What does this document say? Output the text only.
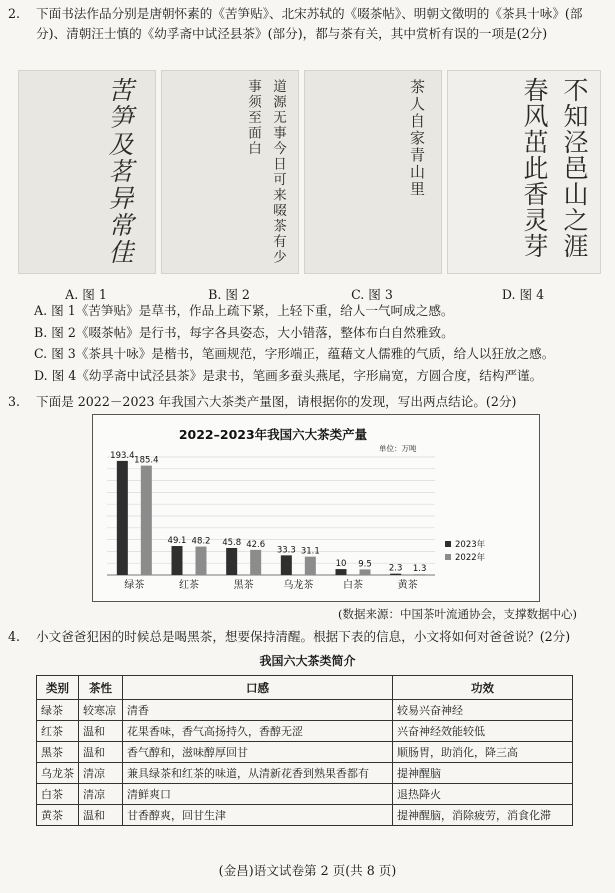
2. 下面书法作品分别是唐朝怀素的《苦笋贴》、北宋苏轼的《啜茶帖》、明朝文徵明的《茶具十咏》(部分)、清朝汪士慎的《幼孚斋中试泾县茶》(部分)，都与茶有关，其中赏析有误的一项是(2分)
苦笋及茗异常佳	道源无事今日可来啜茶有少事须至面白	茶人自家青山里	不知泾邑山之涯春风茁此香灵芽
A. 图 1	B. 图 2	C. 图 3	D. 图 4
A. 图 1《苦笋贴》是草书，作品上疏下紧，上轻下重，给人一气呵成之感。
B. 图 2《啜茶帖》是行书，每字各具姿态，大小错落，整体布白自然雅致。
C. 图 3《茶具十咏》是楷书，笔画规范，字形端正，蕴藉文人儒雅的气质，给人以狂放之感。
D. 图 4《幼孚斋中试泾县茶》是隶书，笔画多蚕头燕尾，字形扁宽，方圆合度，结构严谨。
3. 下面是 2022－2023 年我国六大茶类产量图，请根据你的发现，写出两点结论。(2分)
2022–2023年我国六大茶类产量
单位：万吨
193.4 185.4
绿茶
49.1 48.2
红茶
45.8 42.6
黑茶
33.3 31.1
乌龙茶
10 9.5
白茶
2.3 1.3
黄茶
2023年
2022年
(数据来源：中国茶叶流通协会，支撑数据中心)
4. 小文爸爸犯困的时候总是喝黑茶，想要保持清醒。根据下表的信息，小文将如何对爸爸说？(2分)
我国六大茶类简介
类别	茶性	口感	功效
绿茶	较寒凉	清香	较易兴奋神经
红茶	温和	花果香味，香气高扬持久，香醇无涩	兴奋神经效能较低
黑茶	温和	香气醇和，滋味醇厚回甘	顺肠胃，助消化，降三高
乌龙茶	清凉	兼具绿茶和红茶的味道，从清新花香到熟果香都有	提神醒脑
白茶	清凉	清鲜爽口	退热降火
黄茶	温和	甘香醇爽，回甘生津	提神醒脑，消除疲劳，消食化滞
(金昌)语文试卷第 2 页(共 8 页)
